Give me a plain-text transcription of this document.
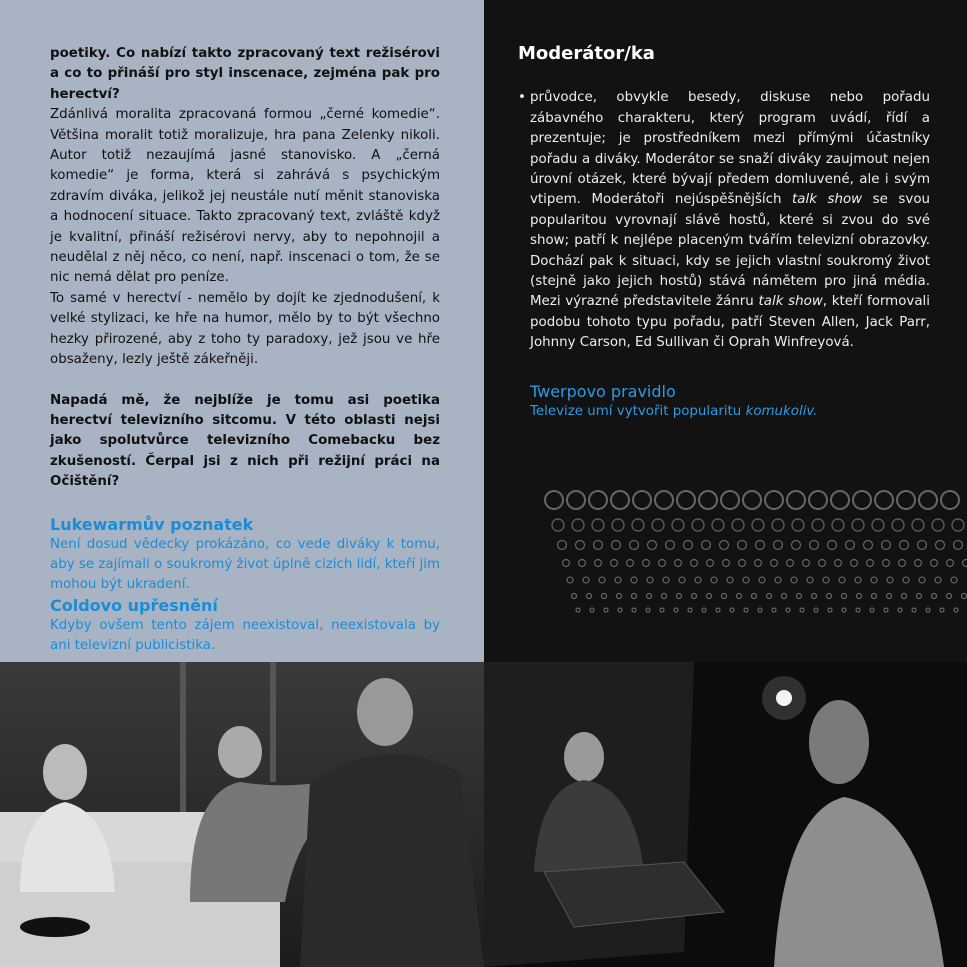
poetiky. Co nabízí takto zpracovaný text režisérovi a co to přináší pro styl inscenace, zejména pak pro herectví?

Zdánlivá moralita zpracovaná formou „černé komedie“. Většina moralit totiž moralizuje, hra pana Zelenky nikoli. Autor totiž nezaujímá jasné stanovisko. A „černá komedie“ je forma, která si zahrává s psychickým zdravím diváka, jelikož jej neustále nutí měnit stanoviska a hodnocení situace. Takto zpracovaný text, zvláště když je kvalitní, přináší režisérovi nervy, aby to nepohnojil a neudělal z něj něco, co není, např. inscenaci o tom, že se nic nemá dělat pro peníze.

To samé v herectví - nemělo by dojít ke zjednodušení, k velké stylizaci, ke hře na humor, mělo by to být všechno hezky přirozené, aby z toho ty paradoxy, jež jsou ve hře obsaženy, lezly ještě zákeřněji.

Napadá mě, že nejblíže je tomu asi poetika herectví televizního sitcomu. V této oblasti nejsi jako spolutvůrce televizního Comebacku bez zkušeností. Čerpal jsi z nich při režijní práci na Očištění?

Lukewarmův poznatek

Není dosud vědecky prokázáno, co vede diváky k tomu, aby se zajímali o soukromý život úplně cizích lidí, kteří jim mohou být ukradení.

Coldovo upřesnění

Kdyby ovšem tento zájem neexistoval, neexistovala by ani televizní publicistika.

Moderátor/ka

• průvodce, obvykle besedy, diskuse nebo pořadu zábavného charakteru, který program uvádí, řídí a prezentuje; je prostředníkem mezi přímými účastníky pořadu a diváky. Moderátor se snaží diváky zaujmout nejen úrovní otázek, které bývají předem domluvené, ale i svým vtipem. Moderátoři nejúspěšnějších talk show se svou popularitou vyrovnají slávě hostů, které si zvou do své show; patří k nejlépe placeným tvářím televizní obrazovky. Dochází pak k situaci, kdy se jejich vlastní soukromý život (stejně jako jejich hostů) stává námětem pro jiná média. Mezi výrazné představitele žánru talk show, kteří formovali podobu tohoto typu pořadu, patří Steven Allen, Jack Parr, Johnny Carson, Ed Sullivan či Oprah Winfreyová.

Twerpovo pravidlo

Televize umí vytvořit popularitu komukoliv.
